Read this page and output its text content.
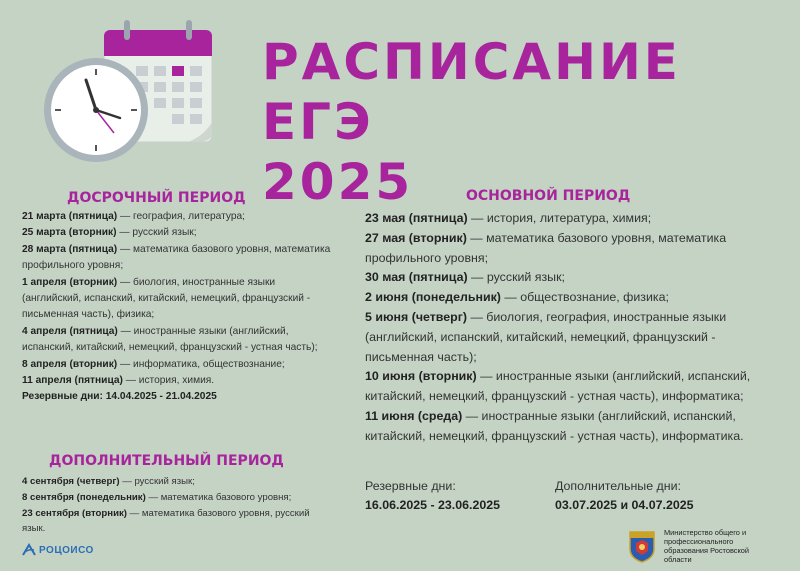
РАСПИСАНИЕ ЕГЭ
2025
ДОСРОЧНЫЙ ПЕРИОД

21 марта (пятница) — география, литература;

25 марта (вторник) — русский язык;

28 марта (пятница) — математика базового уровня, математика профильного уровня;

1 апреля (вторник) — биология, иностранные языки (английский, испанский, китайский, немецкий, французский - письменная часть), физика;

4 апреля (пятница) — иностранные языки (английский, испанский, китайский, немецкий, французский - устная часть);

8 апреля (вторник) — информатика, обществознание;

11 апреля (пятница) — история, химия.

Резервные дни: 14.04.2025 - 21.04.2025

ДОПОЛНИТЕЛЬНЫЙ ПЕРИОД

4 сентября (четверг) — русский язык;

8 сентября (понедельник) — математика базового уровня;

23 сентября (вторник) — математика базового уровня, русский язык.

ОСНОВНОЙ ПЕРИОД

23 мая (пятница) — история, литература, химия;

27 мая (вторник) — математика базового уровня, математика профильного уровня;

30 мая (пятница) — русский язык;

2 июня (понедельник) — обществознание, физика;

5 июня (четверг) — биология, география, иностранные языки (английский, испанский, китайский, немецкий, французский - письменная часть);

10 июня (вторник) — иностранные языки (английский, испанский, китайский, немецкий, французский - устная часть), информатика;

11 июня (среда) — иностранные языки (английский, испанский, китайский, немецкий, французский - устная часть), информатика.

Резервные дни:
16.06.2025 - 23.06.2025
Дополнительные дни:
03.07.2025 и 04.07.2025
РОЦОИСО
Министерство общего и
профессионального
образования Ростовской
области
